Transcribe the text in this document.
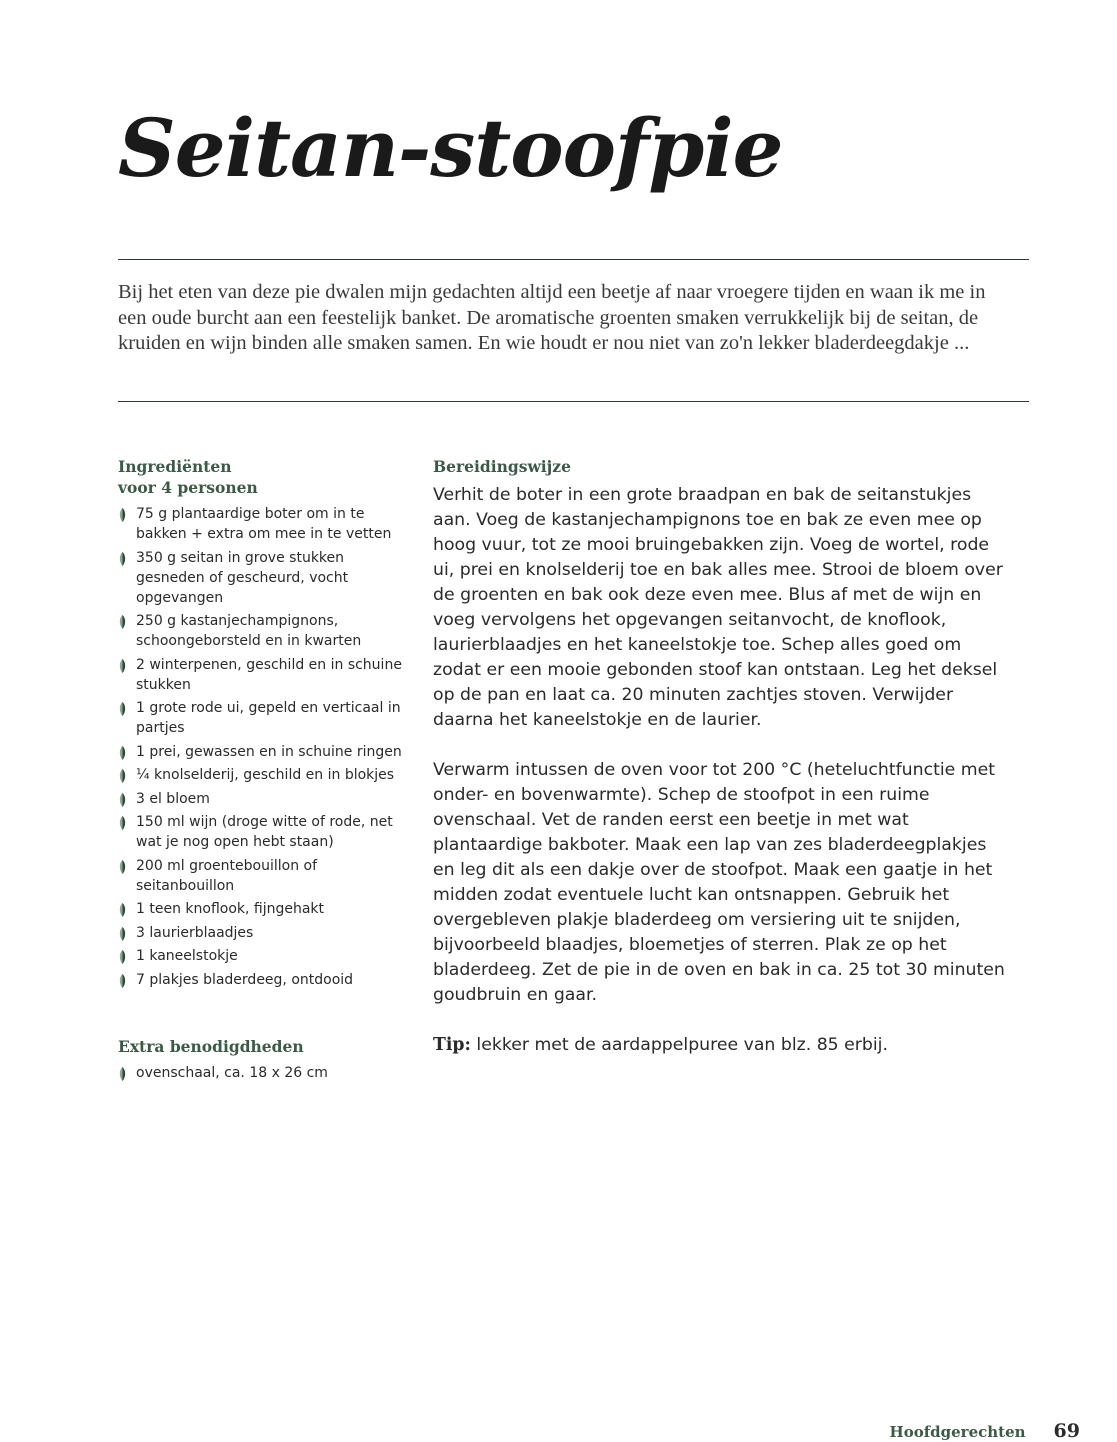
Seitan-stoofpie

Bij het eten van deze pie dwalen mijn gedachten altijd een beetje af naar vroegere tijden en waan ik me in een oude burcht aan een feestelijk banket. De aromatische groenten smaken verrukkelijk bij de seitan, de kruiden en wijn binden alle smaken samen. En wie houdt er nou niet van zo'n lekker bladerdeegdakje ...

Ingrediënten
voor 4 personen
75 g plantaardige boter om in te bakken + extra om mee in te vetten
350 g seitan in grove stukken gesneden of gescheurd, vocht opgevangen
250 g kastanjechampignons, schoongeborsteld en in kwarten
2 winterpenen, geschild en in schuine stukken
1 grote rode ui, gepeld en verticaal in partjes
1 prei, gewassen en in schuine ringen
¼ knolselderij, geschild en in blokjes
3 el bloem
150 ml wijn (droge witte of rode, net wat je nog open hebt staan)
200 ml groentebouillon of seitanbouillon
1 teen knoflook, fijngehakt
3 laurierblaadjes
1 kaneelstokje
7 plakjes bladerdeeg, ontdooid
Extra benodigdheden
ovenschaal, ca. 18 x 26 cm
Bereidingswijze

Verhit de boter in een grote braadpan en bak de seitanstukjes aan. Voeg de kastanjechampignons toe en bak ze even mee op hoog vuur, tot ze mooi bruingebakken zijn. Voeg de wortel, rode ui, prei en knolselderij toe en bak alles mee. Strooi de bloem over de groenten en bak ook deze even mee. Blus af met de wijn en voeg vervolgens het opgevangen seitanvocht, de knoflook, laurierblaadjes en het kaneelstokje toe. Schep alles goed om zodat er een mooie gebonden stoof kan ontstaan. Leg het deksel op de pan en laat ca. 20 minuten zachtjes stoven. Verwijder daarna het kaneelstokje en de laurier.

Verwarm intussen de oven voor tot 200 °C (heteluchtfunctie met onder- en bovenwarmte). Schep de stoofpot in een ruime ovenschaal. Vet de randen eerst een beetje in met wat plantaardige bakboter. Maak een lap van zes bladerdeegplakjes en leg dit als een dakje over de stoofpot. Maak een gaatje in het midden zodat eventuele lucht kan ontsnappen. Gebruik het overgebleven plakje bladerdeeg om versiering uit te snijden, bijvoorbeeld blaadjes, bloemetjes of sterren. Plak ze op het bladerdeeg. Zet de pie in de oven en bak in ca. 25 tot 30 minuten goudbruin en gaar.

Tip: lekker met de aardappelpuree van blz. 85 erbij.

Hoofdgerechten 69
